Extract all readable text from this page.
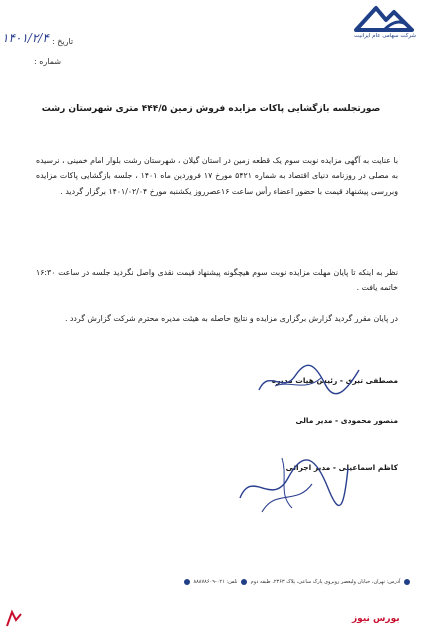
شرکت سهامی عام ایرانیت
۱۴۰۱/۲/۴ تاریخ :
شماره :
صورتجلسه بازگشایی پاکات مزایده فروش زمین ۴۴۴/۵ متری شهرستان رشت
با عنایت به آگهی مزایده نوبت سوم یک قطعه زمین در استان گیلان ، شهرستان رشت بلوار امام خمینی ، نرسیده به مصلی در روزنامه دنیای اقتصاد به شماره ۵۴۲۱ مورخ ۱۷ فروردین ماه ۱۴۰۱ ، جلسه بازگشایی پاکات مزایده وبررسی پیشنهاد قیمت با حضور اعضاء رأس ساعت ۱۶عصرروز یکشنبه مورخ ۱۴۰۱/۰۲/۰۴ برگزار گردید .
نظر به اینکه تا پایان مهلت مزایده نوبت سوم هیچگونه پیشنهاد قیمت نقدی واصل نگردید جلسه در ساعت ۱۶:۳۰ خاتمه یافت .
در پایان مقرر گردید گزارش برگزاری مزایده و نتایج حاصله به هیئت مدیره محترم شرکت گزارش گردد .
مصطفی تبری - رئیس هیات مدیره
منصور محمودی - مدیر مالی
کاظم اسماعیلی - مدیر اجرائی
آدرس: تهران، خیابان ولیعصر روبروی پارک ساعی، پلاک ۲۳۶۳، طبقه دوم  تلفن: ۰۲۱-۸۸۸۷۸۶۰۹
بورس نیوز
